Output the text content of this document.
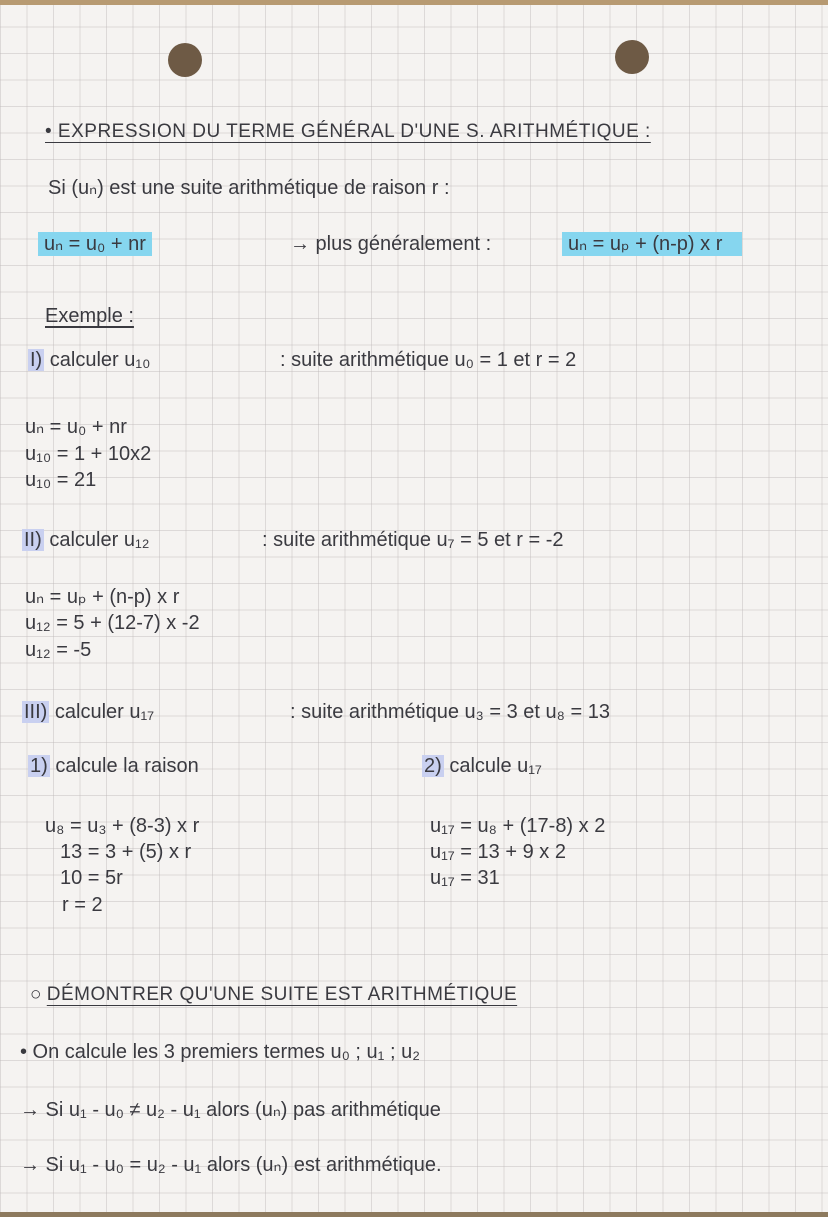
• EXPRESSION DU TERME GÉNÉRAL D'UNE S. ARITHMÉTIQUE :
Si (uₙ) est une suite arithmétique de raison r :
uₙ = u₀ + nr	→ plus généralement :	uₙ = uₚ + (n-p) x r
Exemple :
I) calculer u₁₀	: suite arithmétique u₀ = 1 et r = 2
uₙ = u₀ + nr
u₁₀ = 1 + 10x2
u₁₀ = 21
II) calculer u₁₂	: suite arithmétique u₇ = 5 et r = -2
uₙ = uₚ + (n-p) x r
u₁₂ = 5 + (12-7) x -2
u₁₂ = -5
III) calculer u₁₇	: suite arithmétique u₃ = 3 et u₈ = 13
1) calcule la raison	2) calcule u₁₇
u₈ = u₃ + (8-3) x r
13 = 3 + (5) x r
10 = 5r
r = 2
u₁₇ = u₈ + (17-8) x 2
u₁₇ = 13 + 9 x 2
u₁₇ = 31
○ DÉMONTRER QU'UNE SUITE EST ARITHMÉTIQUE
• On calcule les 3 premiers termes u₀ ; u₁ ; u₂
→ Si u₁ - u₀ ≠ u₂ - u₁ alors (uₙ) pas arithmétique
→ Si u₁ - u₀ = u₂ - u₁ alors (uₙ) est arithmétique.
